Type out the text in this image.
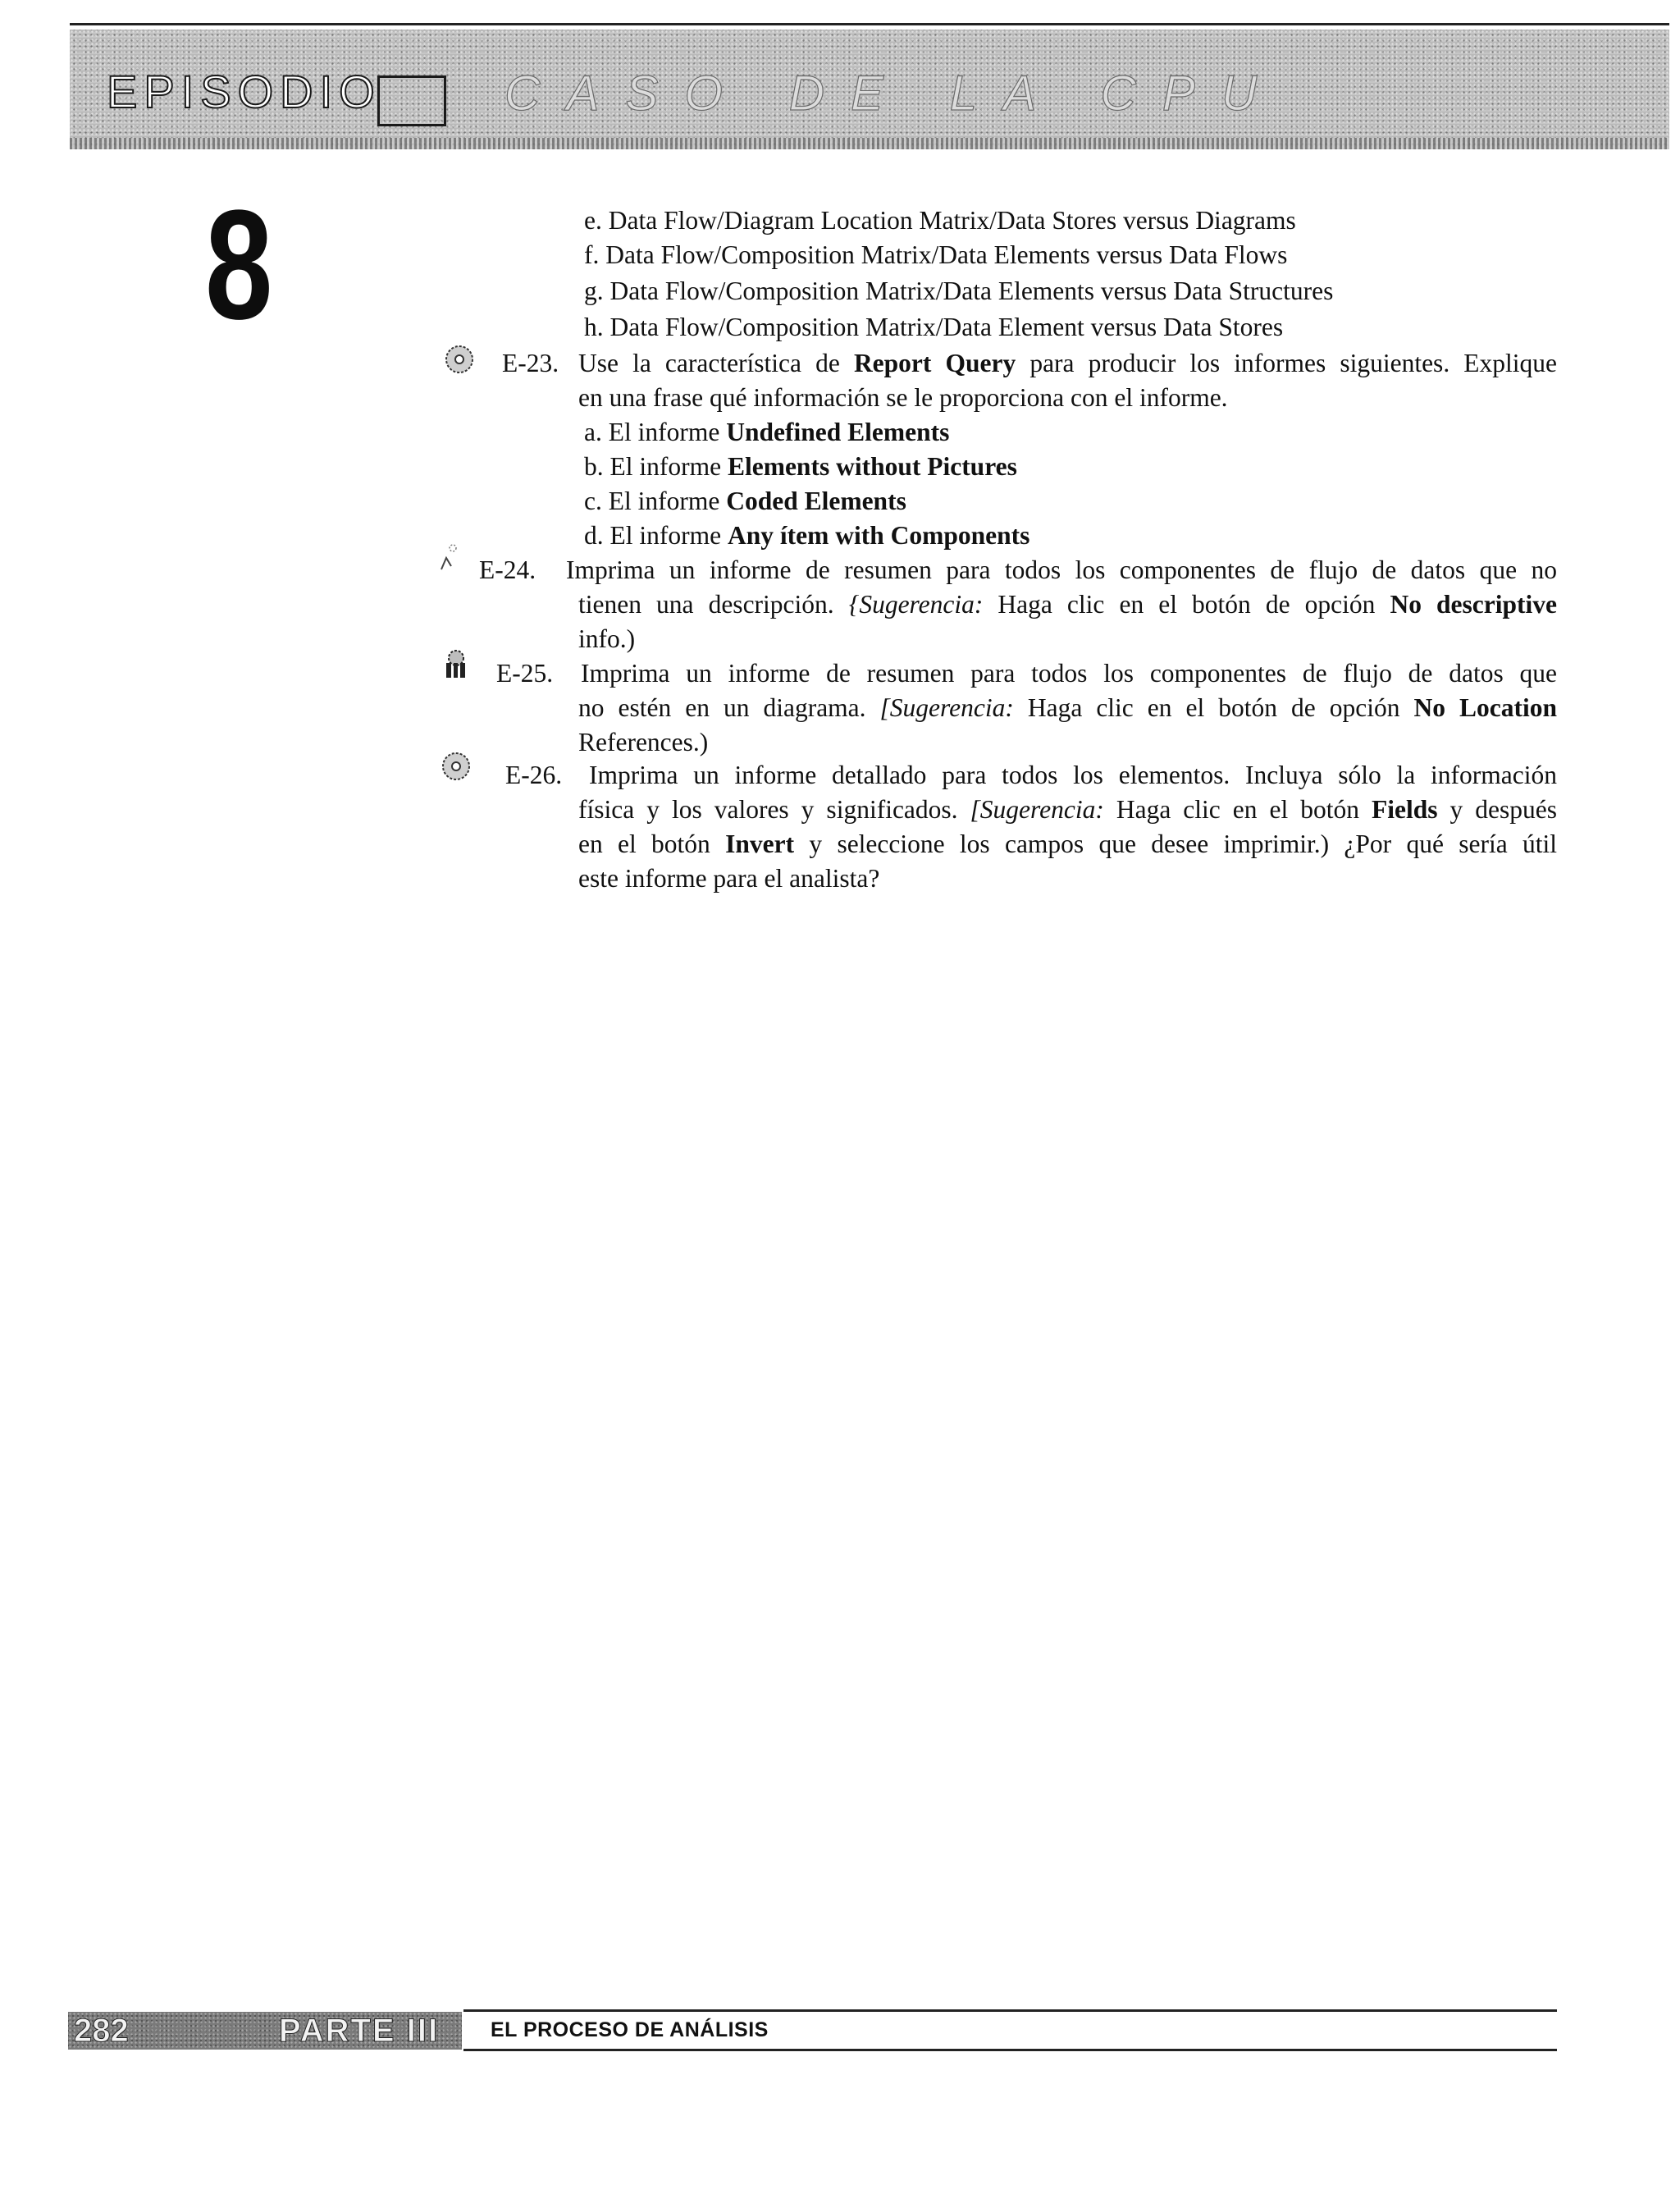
EPISODIO	CASO DE LA CPU
8	e. Data Flow/Diagram Location Matrix/Data Stores versus Diagrams
f. Data Flow/Composition Matrix/Data Elements versus Data Flows
g. Data Flow/Composition Matrix/Data Elements versus Data Structures
h. Data Flow/Composition Matrix/Data Element versus Data Stores
E-23. Use la característica de Report Query para producir los informes siguientes. Explique
en una frase qué información se le proporciona con el informe.
a. El informe Undefined Elements
b. El informe Elements without Pictures
c. El informe Coded Elements
d. El informe Any ítem with Components
E-24. Imprima un informe de resumen para todos los componentes de flujo de datos que no
tienen una descripción. {Sugerencia: Haga clic en el botón de opción No descriptive
info.)
E-25. Imprima un informe de resumen para todos los componentes de flujo de datos que
no estén en un diagrama. [Sugerencia: Haga clic en el botón de opción No Location
References.)
E-26. Imprima un informe detallado para todos los elementos. Incluya sólo la información
física y los valores y significados. [Sugerencia: Haga clic en el botón Fields y después
en el botón Invert y seleccione los campos que desee imprimir.) ¿Por qué sería útil
este informe para el analista?
282	PARTE III	EL PROCESO DE ANÁLISIS
